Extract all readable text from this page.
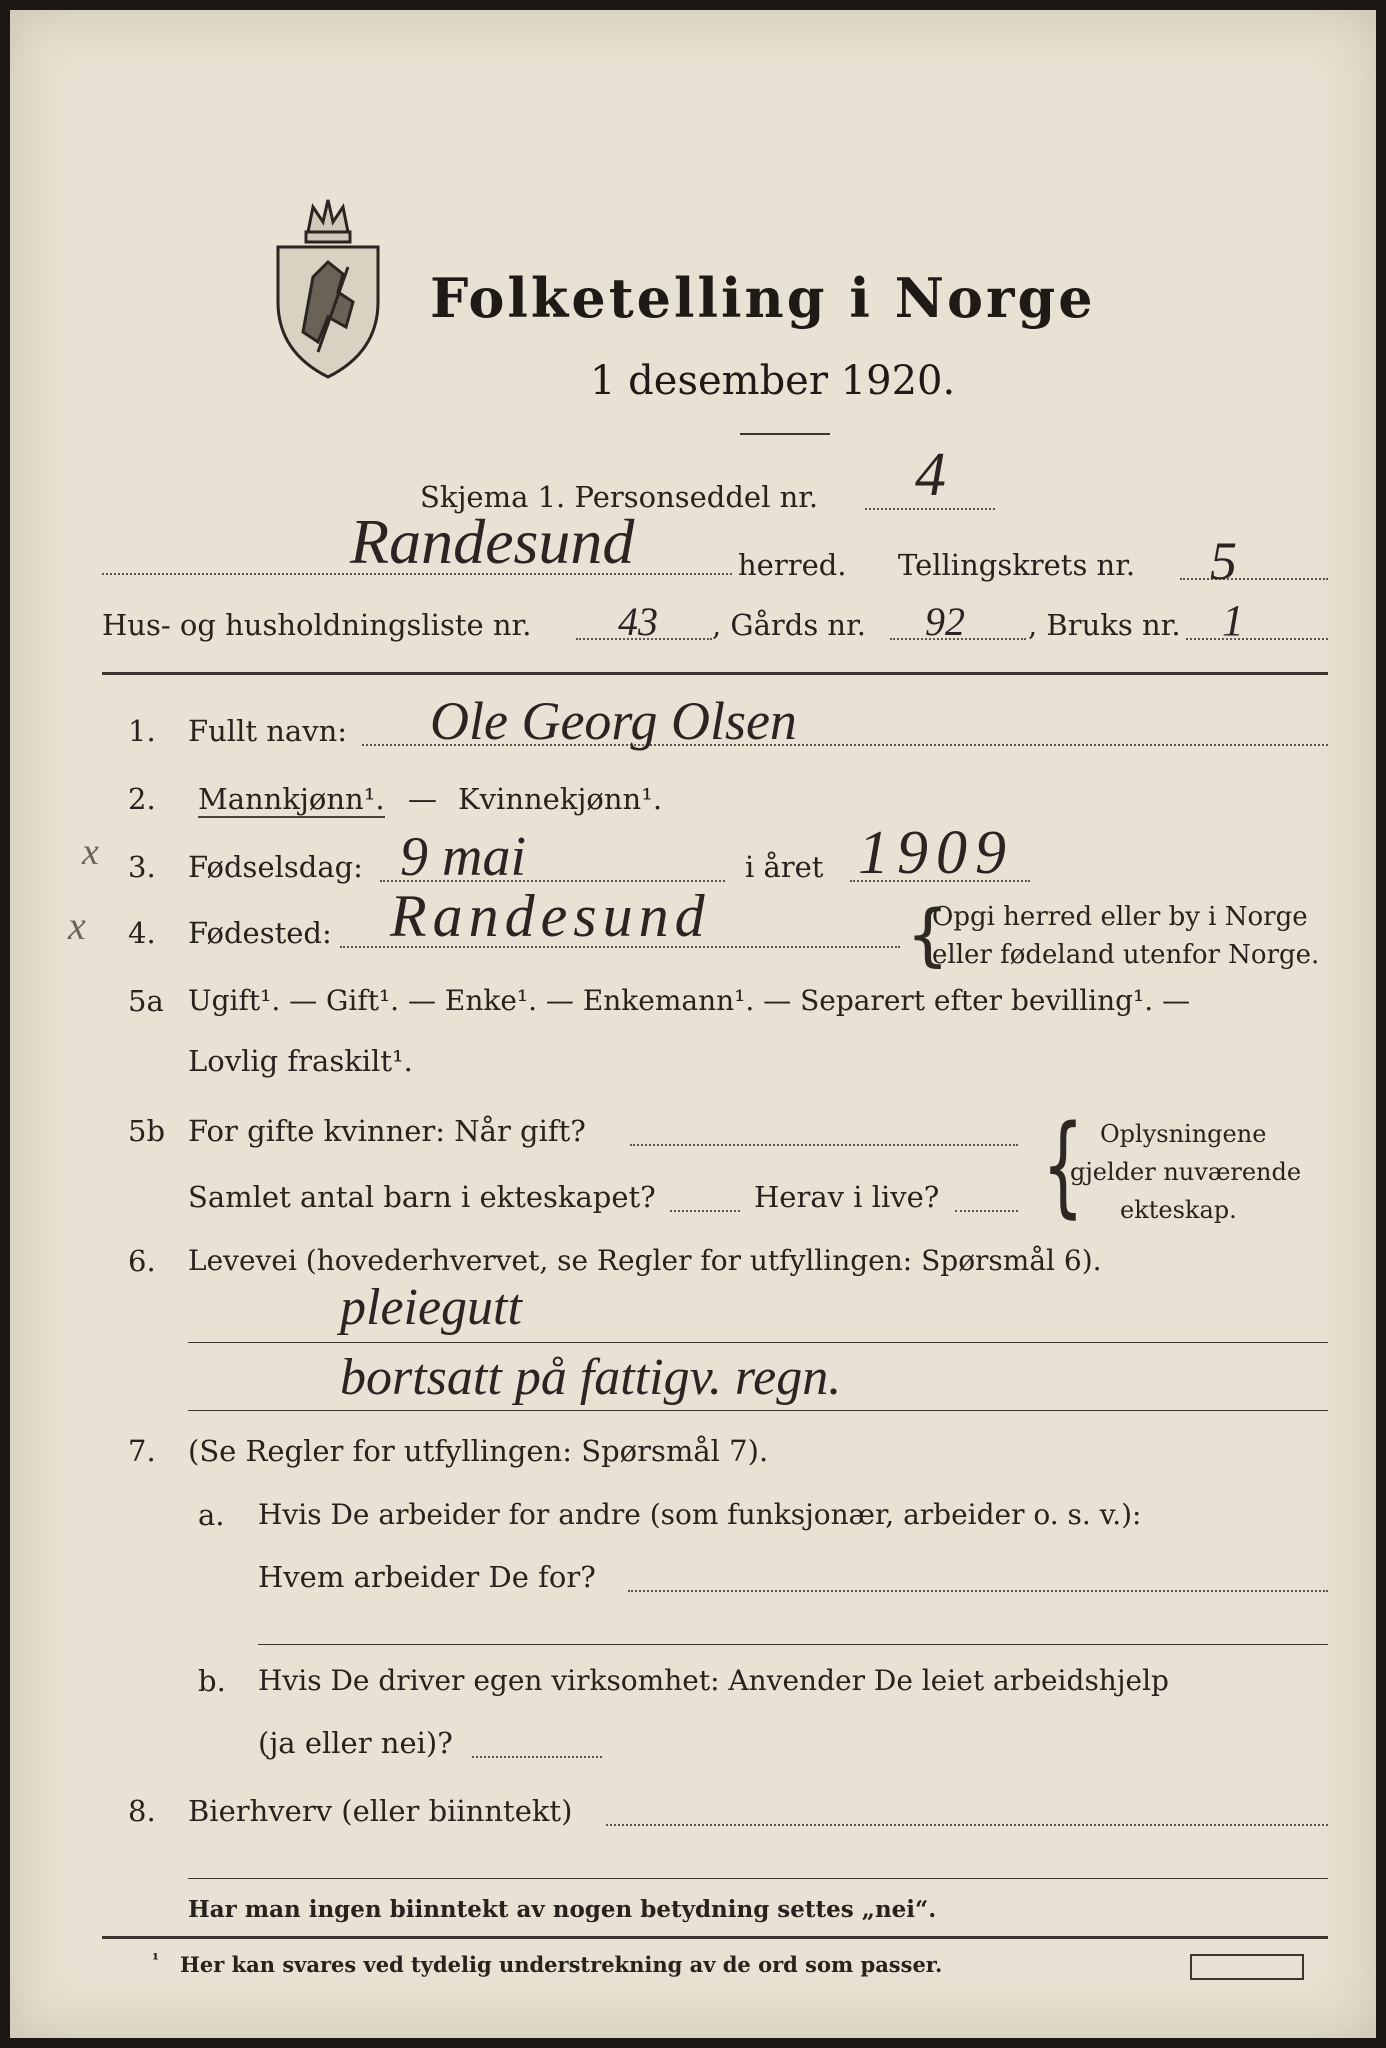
Folketelling i Norge
1 desember 1920.
Skjema 1. Personseddel nr. 4
Randesund	herred. Tellingskrets nr. 5
Hus- og husholdningsliste nr. 43 , Gårds nr. 92 , Bruks nr. 1
1. Fullt navn: Ole Georg Olsen
2. Mannkjønn¹. — Kvinnekjønn¹.
x 3. Fødselsdag: 9 mai	i året 1909
x 4. Fødested: Randesund	{
Opgi herred eller by i Norge
eller fødeland utenfor Norge.
5a Ugift¹. — Gift¹. — Enke¹. — Enkemann¹. — Separert efter bevilling¹. —
Lovlig fraskilt¹.
5b For gifte kvinner: Når gift?
Samlet antal barn i ekteskapet?	Herav i live? { Oplysningene
gjelder nuværende
ekteskap.
6. Levevei (hovederhvervet, se Regler for utfyllingen: Spørsmål 6).
pleiegutt
bortsatt på fattigv. regn.
7. (Se Regler for utfyllingen: Spørsmål 7).
a. Hvis De arbeider for andre (som funksjonær, arbeider o. s. v.):
Hvem arbeider De for?
b. Hvis De driver egen virksomhet: Anvender De leiet arbeidshjelp
(ja eller nei)?
8. Bierhverv (eller biinntekt)
Har man ingen biinntekt av nogen betydning settes „nei“.
¹ Her kan svares ved tydelig understrekning av de ord som passer.
